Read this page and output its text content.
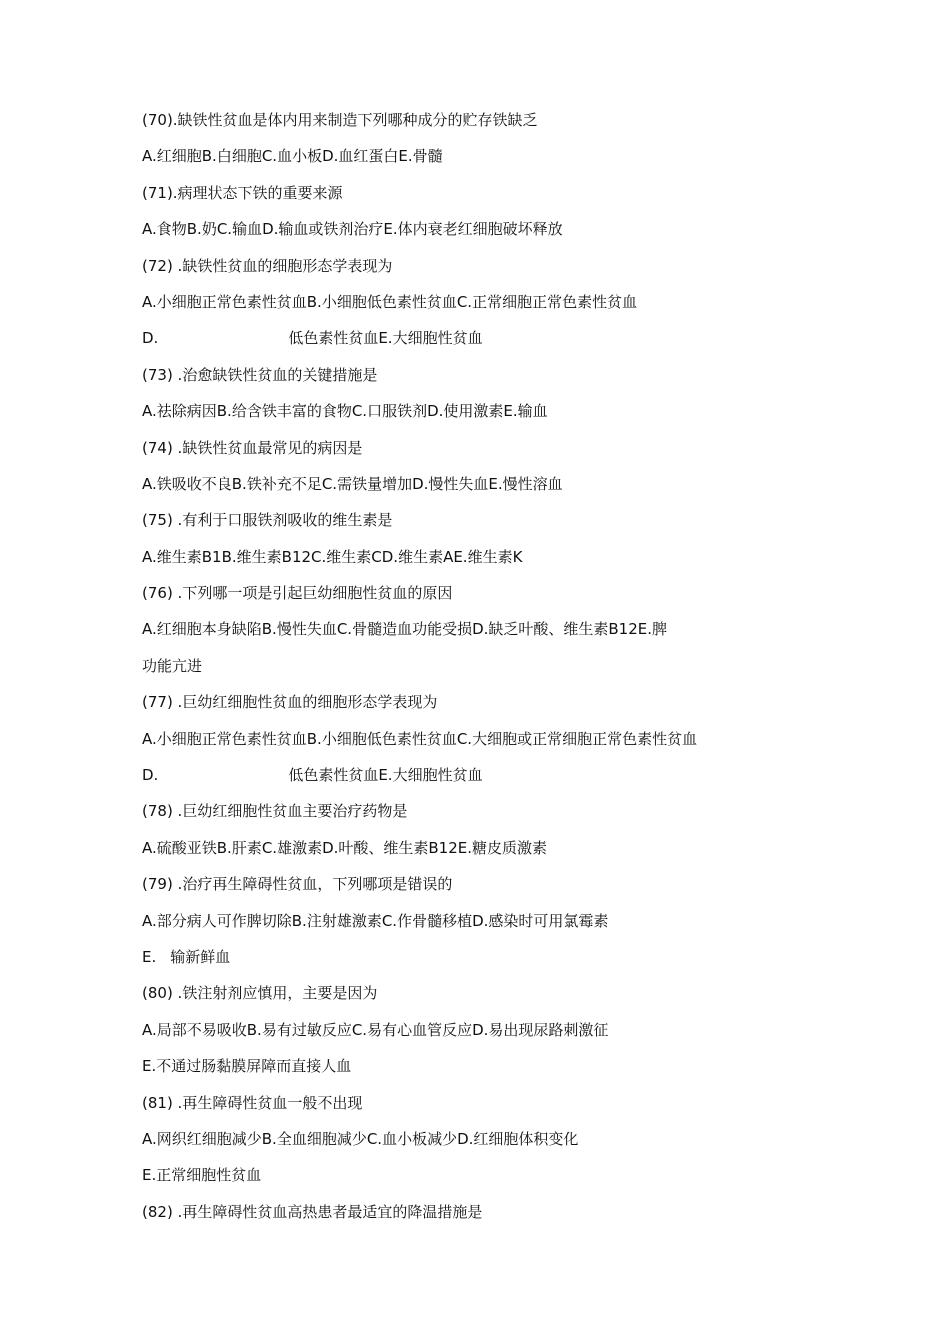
(70).缺铁性贫血是体内用来制造下列哪种成分的贮存铁缺乏
A.红细胞B.白细胞C.血小板D.血红蛋白E.骨髓
(71).病理状态下铁的重要来源
A.食物B.奶C.输血D.输血或铁剂治疗E.体内衰老红细胞破坏释放
(72) .缺铁性贫血的细胞形态学表现为
A.小细胞正常色素性贫血B.小细胞低色素性贫血C.正常细胞正常色素性贫血
D.	低色素性贫血E.大细胞性贫血
(73) .治愈缺铁性贫血的关键措施是
A.祛除病因B.给含铁丰富的食物C.口服铁剂D.使用激素E.输血
(74) .缺铁性贫血最常见的病因是
A.铁吸收不良B.铁补充不足C.需铁量增加D.慢性失血E.慢性溶血
(75) .有利于口服铁剂吸收的维生素是
A.维生素B1B.维生素B12C.维生素CD.维生素AE.维生素K
(76) .下列哪一项是引起巨幼细胞性贫血的原因
A.红细胞本身缺陷B.慢性失血C.骨髓造血功能受损D.缺乏叶酸、维生素B12E.脾
功能亢进
(77) .巨幼红细胞性贫血的细胞形态学表现为
A.小细胞正常色素性贫血B.小细胞低色素性贫血C.大细胞或正常细胞正常色素性贫血
D.	低色素性贫血E.大细胞性贫血
(78) .巨幼红细胞性贫血主要治疗药物是
A.硫酸亚铁B.肝素C.雄激素D.叶酸、维生素B12E.糖皮质激素
(79) .治疗再生障碍性贫血，下列哪项是错误的
A.部分病人可作脾切除B.注射雄激素C.作骨髓移植D.感染时可用氯霉素
E. 输新鲜血
(80) .铁注射剂应慎用，主要是因为
A.局部不易吸收B.易有过敏反应C.易有心血管反应D.易出现尿路刺激征
E.不通过肠黏膜屏障而直接人血
(81) .再生障碍性贫血一般不出现
A.网织红细胞减少B.全血细胞减少C.血小板减少D.红细胞体积变化
E.正常细胞性贫血
(82) .再生障碍性贫血高热患者最适宜的降温措施是
